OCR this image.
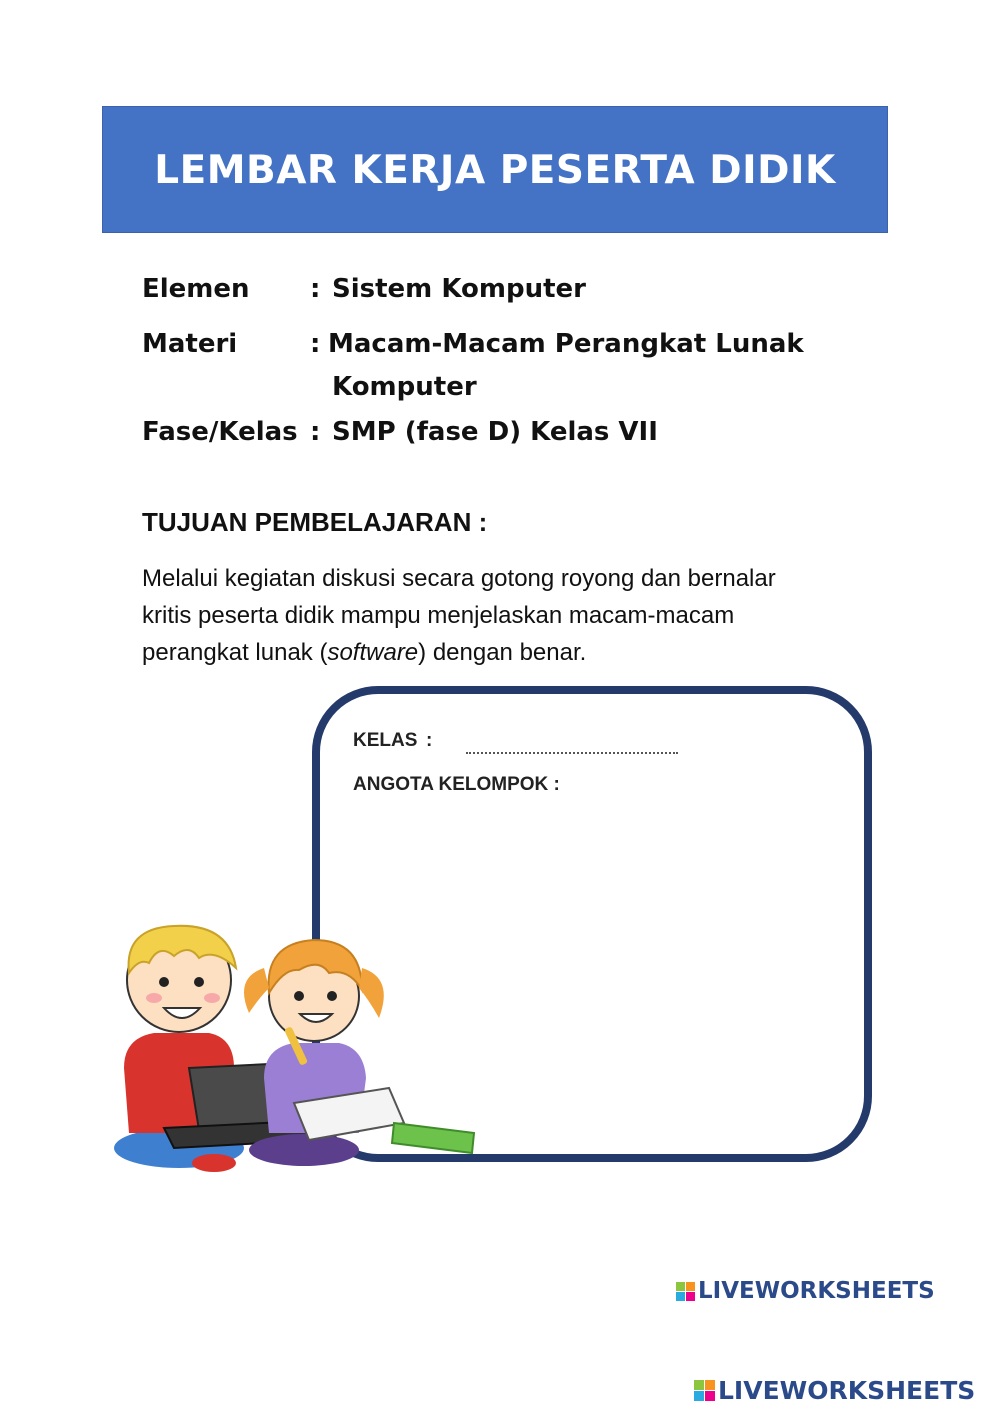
LEMBAR KERJA PESERTA DIDIK
Elemen : Sistem Komputer
Materi	: Macam-Macam Perangkat Lunak
Komputer
Fase/Kelas : SMP (fase D) Kelas VII
TUJUAN PEMBELAJARAN :
Melalui kegiatan diskusi secara gotong royong dan bernalar
kritis peserta didik mampu menjelaskan macam-macam
perangkat lunak (software) dengan benar.
KELAS :
ANGOTA KELOMPOK :
LIVEWORKSHEETS
LIVEWORKSHEETS
